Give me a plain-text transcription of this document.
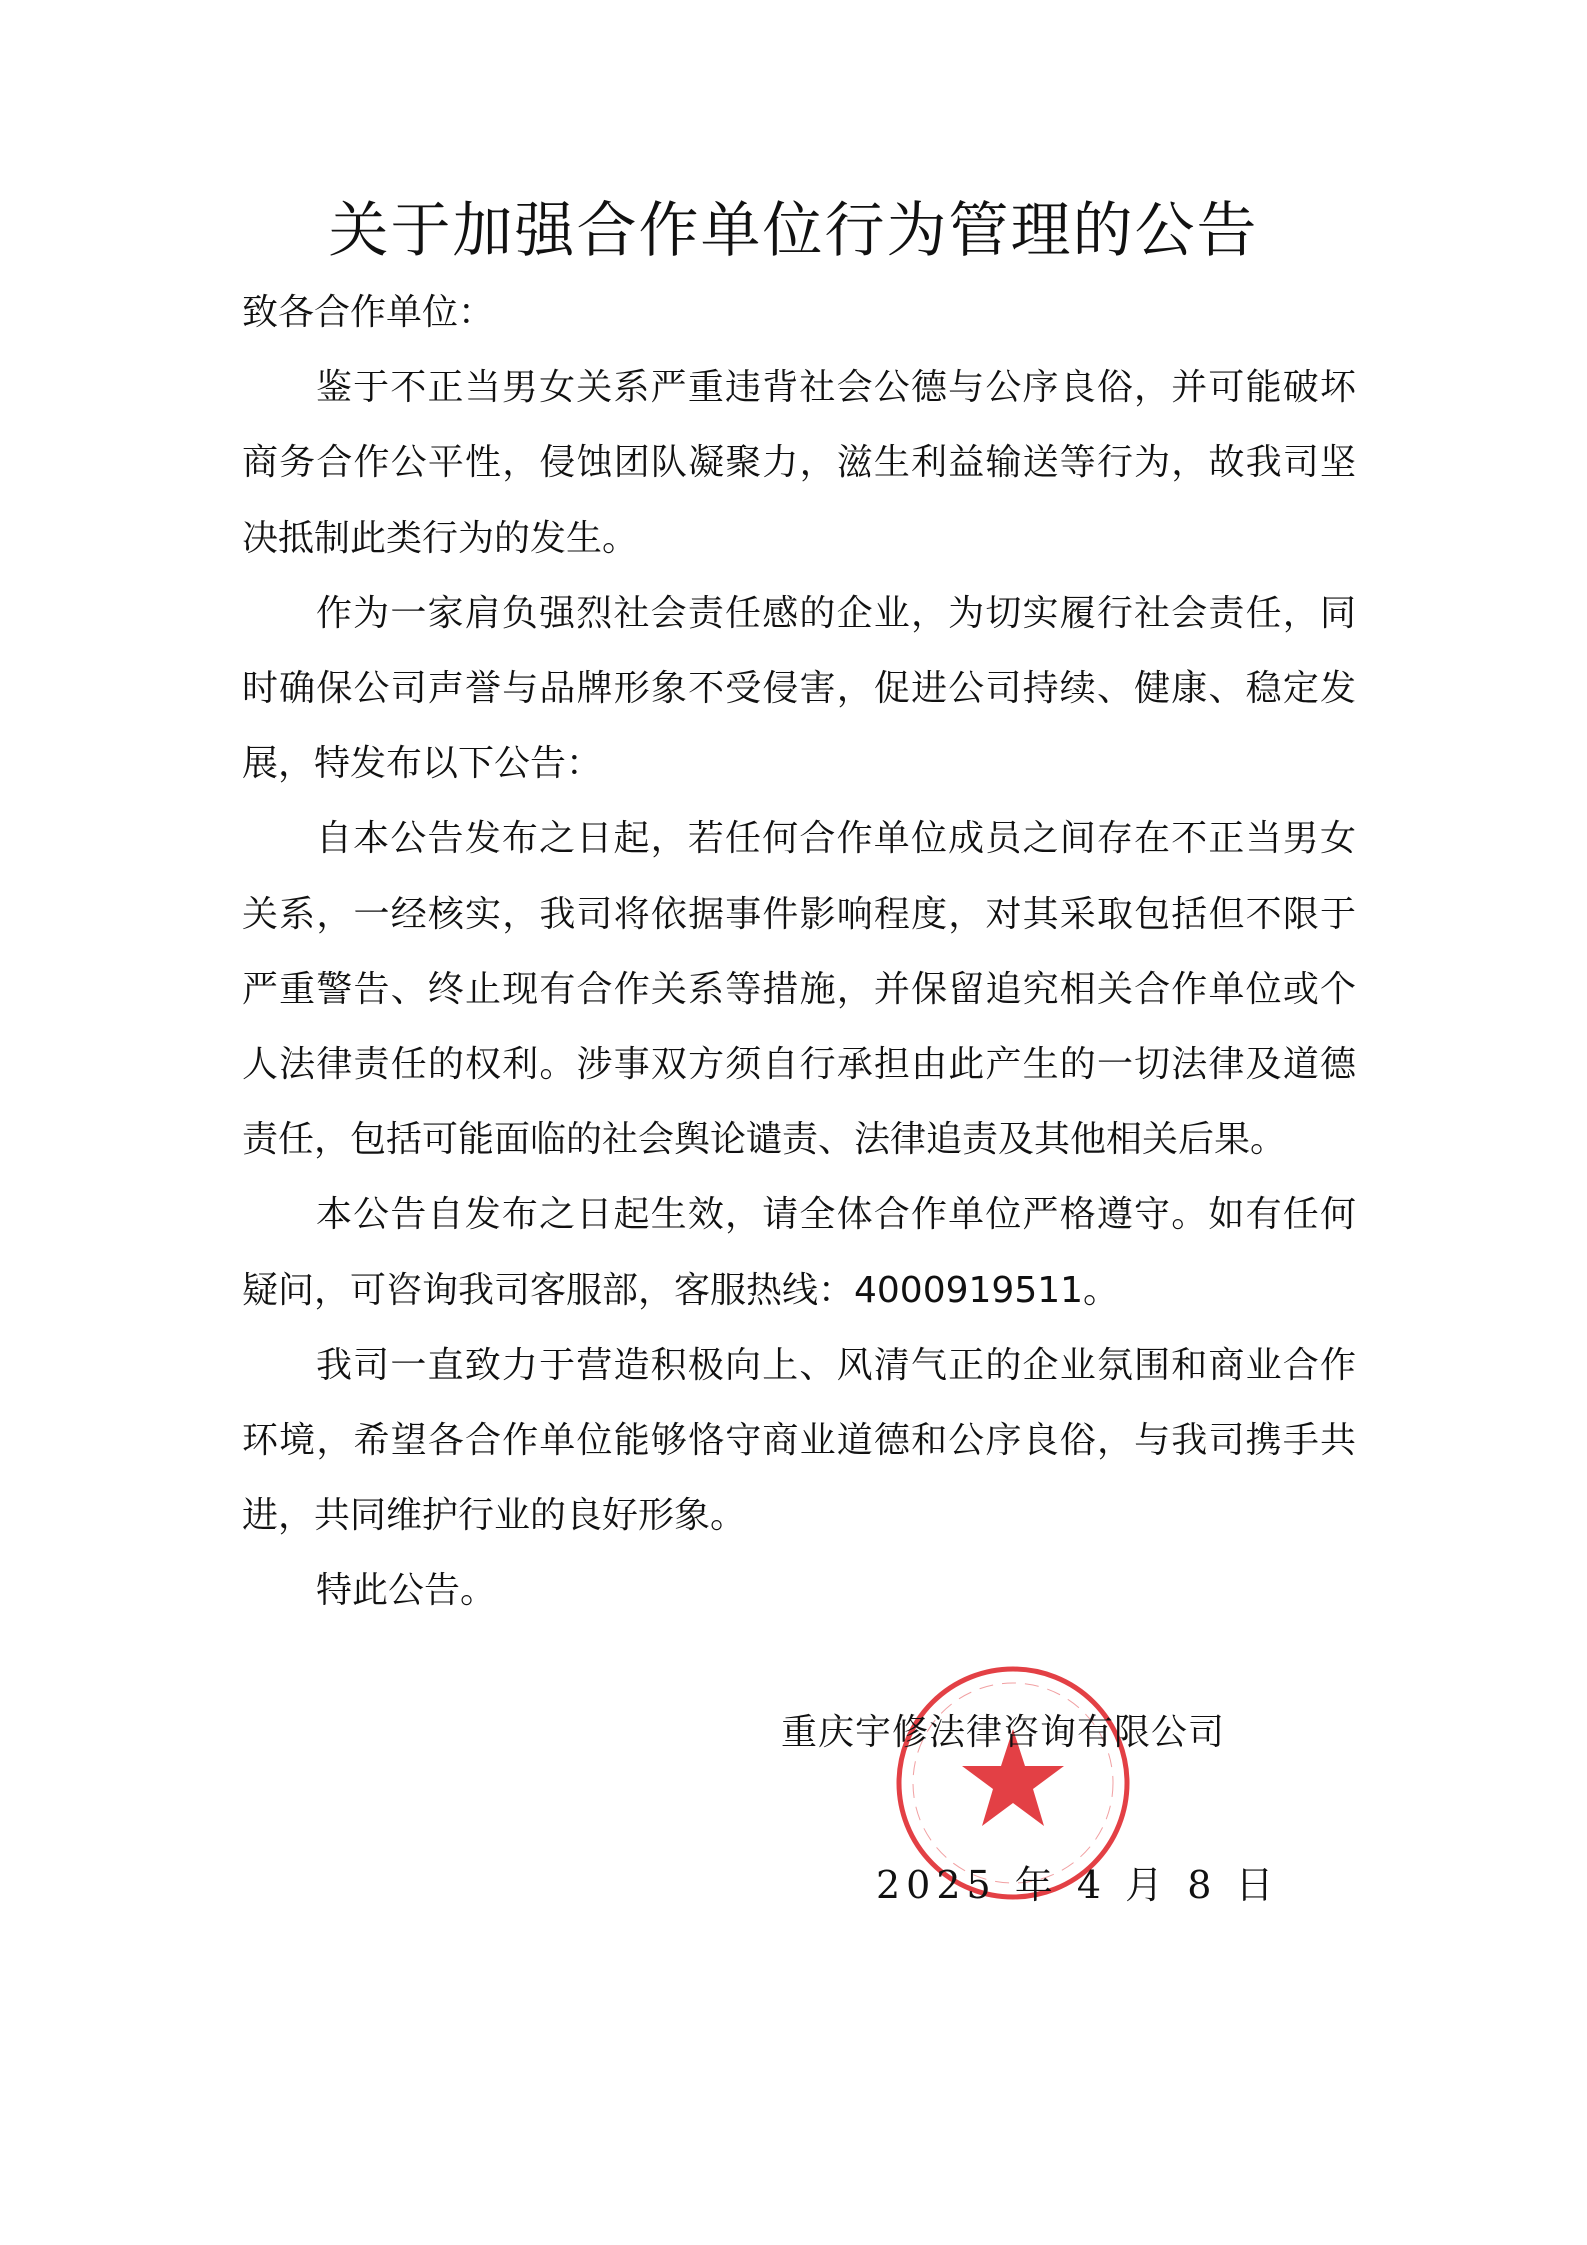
关于加强合作单位行为管理的公告
致各合作单位：
鉴于不正当男女关系严重违背社会公德与公序良俗，并可能破坏
商务合作公平性，侵蚀团队凝聚力，滋生利益输送等行为，故我司坚
决抵制此类行为的发生。
作为一家肩负强烈社会责任感的企业，为切实履行社会责任，同
时确保公司声誉与品牌形象不受侵害，促进公司持续、健康、稳定发
展，特发布以下公告：
自本公告发布之日起，若任何合作单位成员之间存在不正当男女
关系，一经核实，我司将依据事件影响程度，对其采取包括但不限于
严重警告、终止现有合作关系等措施，并保留追究相关合作单位或个
人法律责任的权利。涉事双方须自行承担由此产生的一切法律及道德
责任，包括可能面临的社会舆论谴责、法律追责及其他相关后果。
本公告自发布之日起生效，请全体合作单位严格遵守。如有任何
疑问，可咨询我司客服部，客服热线：4000919511。
我司一直致力于营造积极向上、风清气正的企业氛围和商业合作
环境，希望各合作单位能够恪守商业道德和公序良俗，与我司携手共
进，共同维护行业的良好形象。
特此公告。
重庆宇修法律咨询有限公司
2025 年 4 月 8 日
